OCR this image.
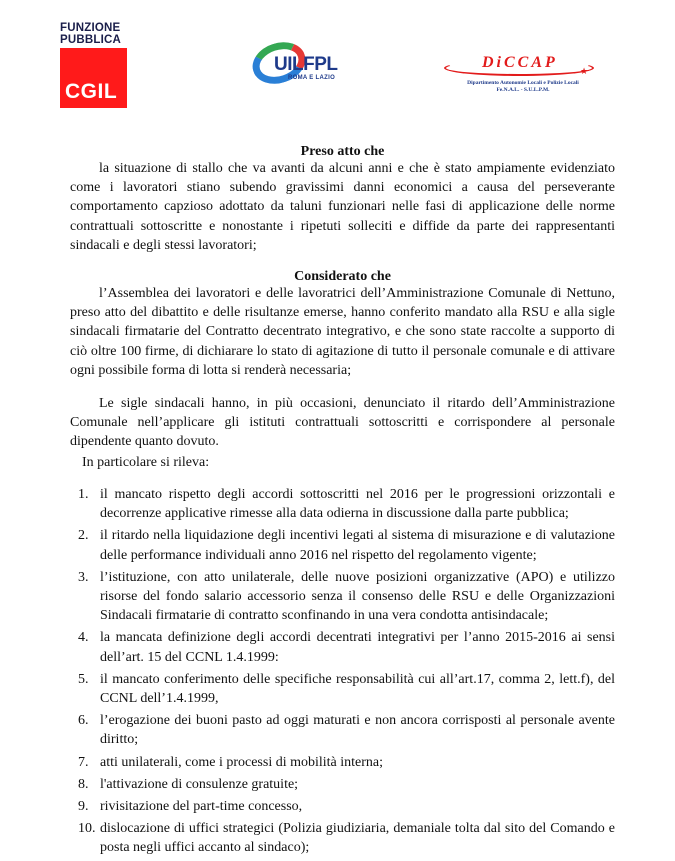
FUNZIONE
PUBBLICA
CGIL
UILFPL
ROMA E LAZIO
DiCCAP ★
Dipartimento Autonomie Locali e Polizie Locali
Fe.N.A.L. - S.U.L.P.M.
Preso atto che

la situazione di stallo che va avanti da alcuni anni e che è stato ampiamente evidenziato come i lavoratori stiano subendo gravissimi danni economici a causa del perseverante comportamento capzioso adottato da taluni funzionari nelle fasi di applicazione delle norme contrattuali sottoscritte e nonostante i ripetuti solleciti e diffide da parte dei rappresentanti sindacali e degli stessi lavoratori;

Considerato che

l’Assemblea dei lavoratori e delle lavoratrici dell’Amministrazione Comunale di Nettuno, preso atto del dibattito e delle risultanze emerse, hanno conferito mandato alla RSU e alla sigle sindacali firmatarie del Contratto decentrato integrativo, e che sono state raccolte a supporto di ciò oltre 100 firme, di dichiarare lo stato di agitazione di tutto il personale comunale e di attivare ogni possibile forma di lotta si renderà necessaria;

Le sigle sindacali hanno, in più occasioni, denunciato il ritardo dell’Amministrazione Comunale nell’applicare gli istituti contrattuali sottoscritti e corrispondere al personale dipendente quanto dovuto.

In particolare si rileva:

1. il mancato rispetto degli accordi sottoscritti nel 2016 per le progressioni orizzontali e decorrenze applicative rimesse alla data odierna in discussione dalla parte pubblica;
2. il ritardo nella liquidazione degli incentivi legati al sistema di misurazione e di valutazione delle performance individuali anno 2016 nel rispetto del regolamento vigente;
3. l’istituzione, con atto unilaterale, delle nuove posizioni organizzative (APO) e utilizzo risorse del fondo salario accessorio senza il consenso delle RSU e delle Organizzazioni Sindacali firmatarie di contratto sconfinando in una vera condotta antisindacale;
4. la mancata definizione degli accordi decentrati integrativi per l’anno 2015-2016 ai sensi dell’art. 15 del CCNL 1.4.1999:
5. il mancato conferimento delle specifiche responsabilità cui all’art.17, comma 2, lett.f), del CCNL dell’1.4.1999,
6. l’erogazione dei buoni pasto ad oggi maturati e non ancora corrisposti al personale avente diritto;
7. atti unilaterali, come i processi di mobilità interna;
8. l'attivazione di consulenze gratuite;
9. rivisitazione del part-time concesso,
10. dislocazione di uffici strategici (Polizia giudiziaria, demaniale tolta dal sito del Comando e posta negli uffici accanto al sindaco);
